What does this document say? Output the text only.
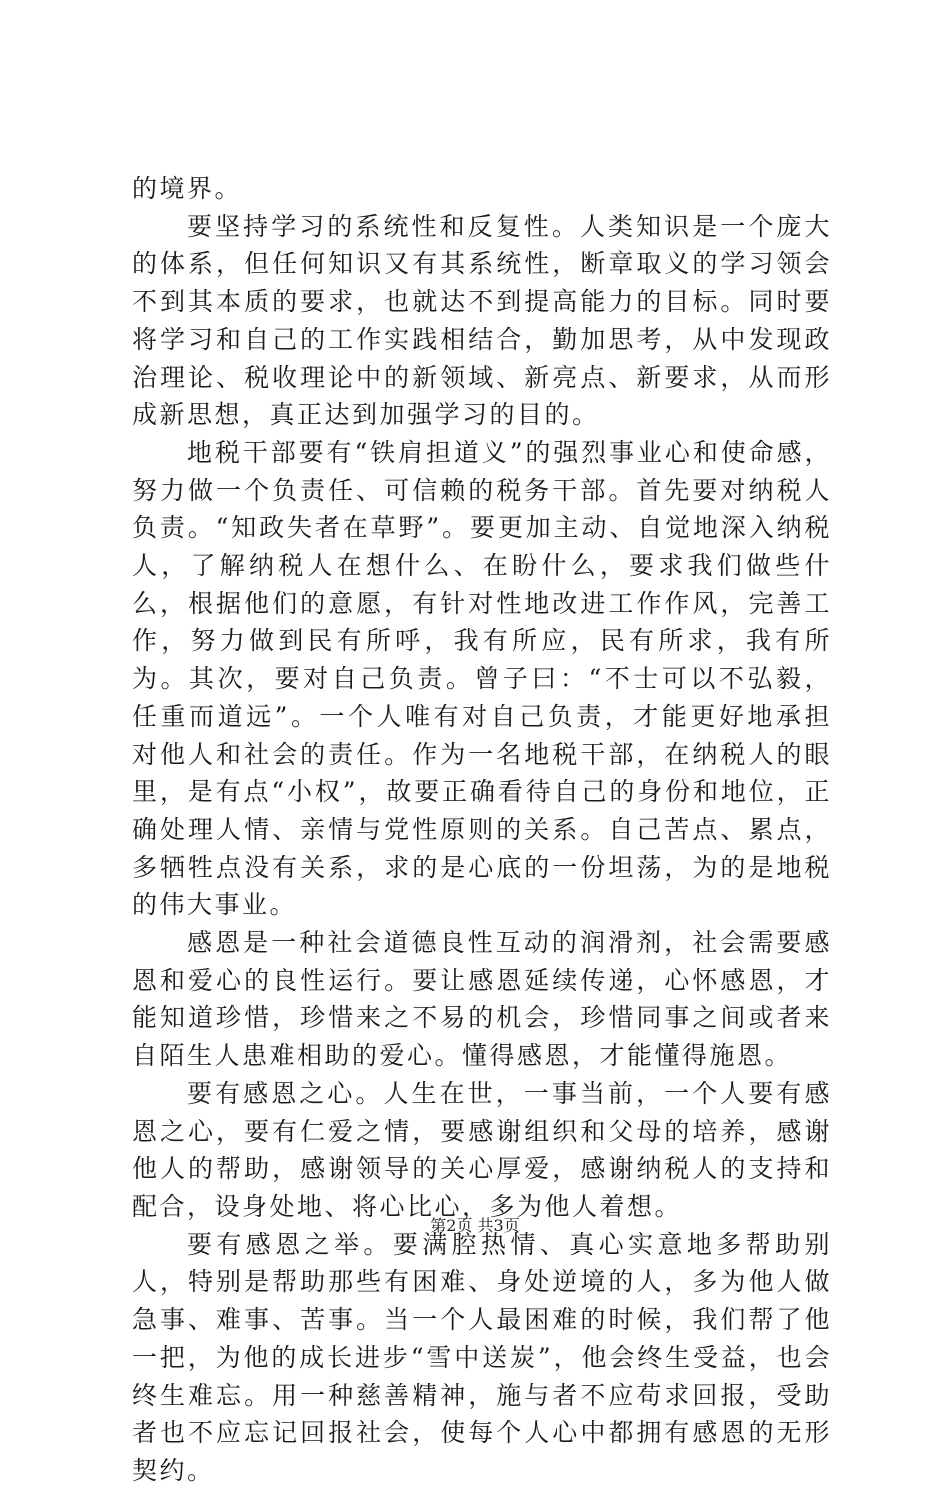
的境界。

要坚持学习的系统性和反复性。人类知识是一个庞大的体系，但任何知识又有其系统性，断章取义的学习领会不到其本质的要求，也就达不到提高能力的目标。同时要将学习和自己的工作实践相结合，勤加思考，从中发现政治理论、税收理论中的新领域、新亮点、新要求，从而形成新思想，真正达到加强学习的目的。

地税干部要有“铁肩担道义”的强烈事业心和使命感，努力做一个负责任、可信赖的税务干部。首先要对纳税人负责。“知政失者在草野”。要更加主动、自觉地深入纳税人，了解纳税人在想什么、在盼什么，要求我们做些什么，根据他们的意愿，有针对性地改进工作作风，完善工作，努力做到民有所呼，我有所应，民有所求，我有所为。其次，要对自己负责。曾子曰：“不士可以不弘毅，任重而道远”。一个人唯有对自己负责，才能更好地承担对他人和社会的责任。作为一名地税干部，在纳税人的眼里，是有点“小权”，故要正确看待自己的身份和地位，正确处理人情、亲情与党性原则的关系。自己苦点、累点，多牺牲点没有关系，求的是心底的一份坦荡，为的是地税的伟大事业。

感恩是一种社会道德良性互动的润滑剂，社会需要感恩和爱心的良性运行。要让感恩延续传递，心怀感恩，才能知道珍惜，珍惜来之不易的机会，珍惜同事之间或者来自陌生人患难相助的爱心。懂得感恩，才能懂得施恩。

要有感恩之心。人生在世，一事当前，一个人要有感恩之心，要有仁爱之情，要感谢组织和父母的培养，感谢他人的帮助，感谢领导的关心厚爱，感谢纳税人的支持和配合，设身处地、将心比心，多为他人着想。

要有感恩之举。要满腔热情、真心实意地多帮助别人，特别是帮助那些有困难、身处逆境的人，多为他人做急事、难事、苦事。当一个人最困难的时候，我们帮了他一把，为他的成长进步“雪中送炭”，他会终生受益，也会终生难忘。用一种慈善精神，施与者不应苟求回报，受助者也不应忘记回报社会，使每个人心中都拥有感恩的无形契约。

第2页 共3页
